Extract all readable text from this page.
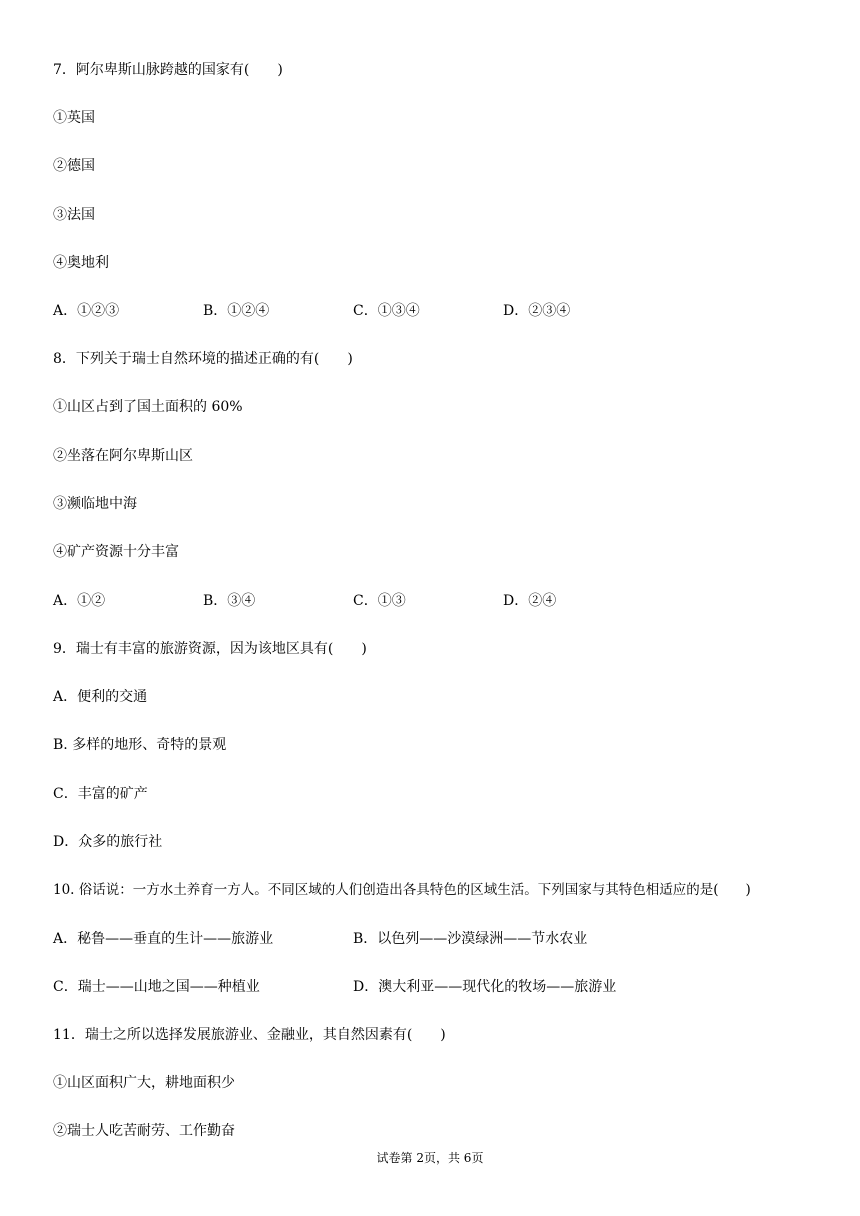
7．阿尔卑斯山脉跨越的国家有(　　)
①英国
②德国
③法国
④奥地利
A．①②③	B．①②④	C．①③④	D．②③④
8．下列关于瑞士自然环境的描述正确的有(　　)
①山区占到了国土面积的 60%
②坐落在阿尔卑斯山区
③濒临地中海
④矿产资源十分丰富
A．①②	B．③④	C．①③	D．②④
9．瑞士有丰富的旅游资源，因为该地区具有(　　)
A．便利的交通
B. 多样的地形、奇特的景观
C．丰富的矿产
D．众多的旅行社
10. 俗话说：一方水土养育一方人。不同区域的人们创造出各具特色的区域生活。下列国家与其特色相适应的是(　　)
A．秘鲁——垂直的生计——旅游业	B．以色列——沙漠绿洲——节水农业
C．瑞士——山地之国——种植业	D．澳大利亚——现代化的牧场——旅游业
11．瑞士之所以选择发展旅游业、金融业，其自然因素有(　　)
①山区面积广大，耕地面积少
②瑞士人吃苦耐劳、工作勤奋
试卷第 2页，共 6页
